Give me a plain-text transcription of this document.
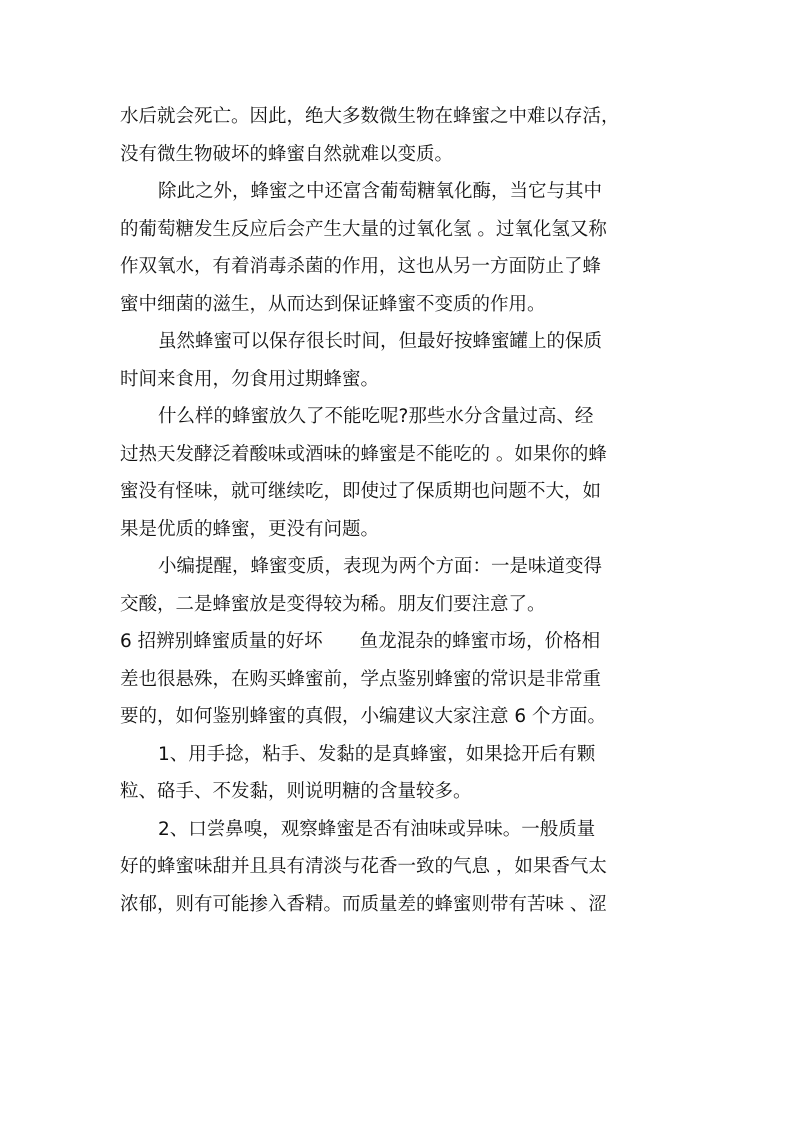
水后就会死亡。因此，绝大多数微生物在蜂蜜之中难以存活，
没有微生物破坏的蜂蜜自然就难以变质。
除此之外，蜂蜜之中还富含葡萄糖氧化酶，当它与其中
的葡萄糖发生反应后会产生大量的过氧化氢 。过氧化氢又称
作双氧水，有着消毒杀菌的作用，这也从另一方面防止了蜂
蜜中细菌的滋生，从而达到保证蜂蜜不变质的作用。
虽然蜂蜜可以保存很长时间，但最好按蜂蜜罐上的保质
时间来食用，勿食用过期蜂蜜。
什么样的蜂蜜放久了不能吃呢?那些水分含量过高、经
过热天发酵泛着酸味或酒味的蜂蜜是不能吃的 。如果你的蜂
蜜没有怪味，就可继续吃，即使过了保质期也问题不大，如
果是优质的蜂蜜，更没有问题。
小编提醒，蜂蜜变质，表现为两个方面：一是味道变得
交酸，二是蜂蜜放是变得较为稀。朋友们要注意了。
6 招辨别蜂蜜质量的好坏　　鱼龙混杂的蜂蜜市场，价格相
差也很悬殊，在购买蜂蜜前，学点鉴别蜂蜜的常识是非常重
要的，如何鉴别蜂蜜的真假，小编建议大家注意 6 个方面。
1、用手捻，粘手、发黏的是真蜂蜜，如果捻开后有颗
粒、硌手、不发黏，则说明糖的含量较多。
2、口尝鼻嗅，观察蜂蜜是否有油味或异味。一般质量
好的蜂蜜味甜并且具有清淡与花香一致的气息 ，如果香气太
浓郁，则有可能掺入香精。而质量差的蜂蜜则带有苦味 、涩
